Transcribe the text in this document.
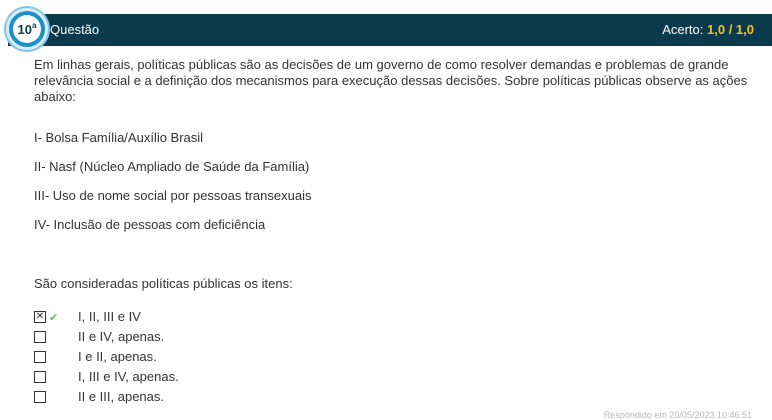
Questão	Acerto: 1,0 / 1,0
10$^a$

Em linhas gerais, políticas públicas são as decisões de um governo de como resolver demandas e problemas de grande relevância social e a definição dos mecanismos para execução dessas decisões. Sobre políticas públicas observe as ações abaixo:

I- Bolsa Família/Auxílio Brasil

II- Nasf (Núcleo Ampliado de Saúde da Família)

III- Uso de nome social por pessoas transexuais

IV- Inclusão de pessoas com deficiência

São consideradas políticas públicas os itens:

✕ ✔ I, II, III e IV
II e IV, apenas.
I e II, apenas.
I, III e IV, apenas.
II e III, apenas.
Respondido em 20/05/2023 10:46:51
